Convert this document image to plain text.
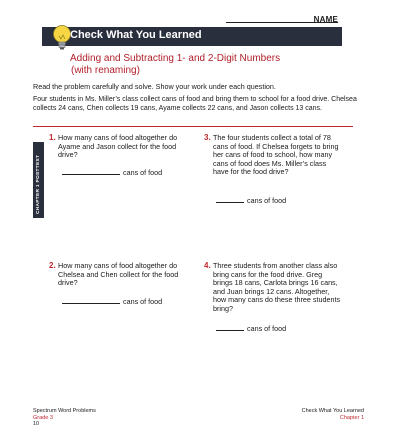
NAME
Check What You Learned
Adding and Subtracting 1- and 2-Digit Numbers
(with renaming)
Read the problem carefully and solve. Show your work under each question.
Four students in Ms. Miller’s class collect cans of food and bring them to school for a food drive. Chelsea collects 24 cans, Chen collects 19 cans, Ayame collects 22 cans, and Jason collects 13 cans.
CHAPTER 1 POSTTEST
1. How many cans of food altogether do Ayame and Jason collect for the food drive?
cans of food
3. The four students collect a total of 78 cans of food. If Chelsea forgets to bring her cans of food to school, how many cans of food does Ms. Miller’s class have for the food drive?
cans of food
2. How many cans of food altogether do Chelsea and Chen collect for the food drive?
cans of food
4. Three students from another class also bring cans for the food drive. Greg brings 18 cans, Carlota brings 16 cans, and Juan brings 12 cans. Altogether, how many cans do these three students bring?
cans of food
Spectrum Word Problems
Grade 3
10
Check What You Learned
Chapter 1
